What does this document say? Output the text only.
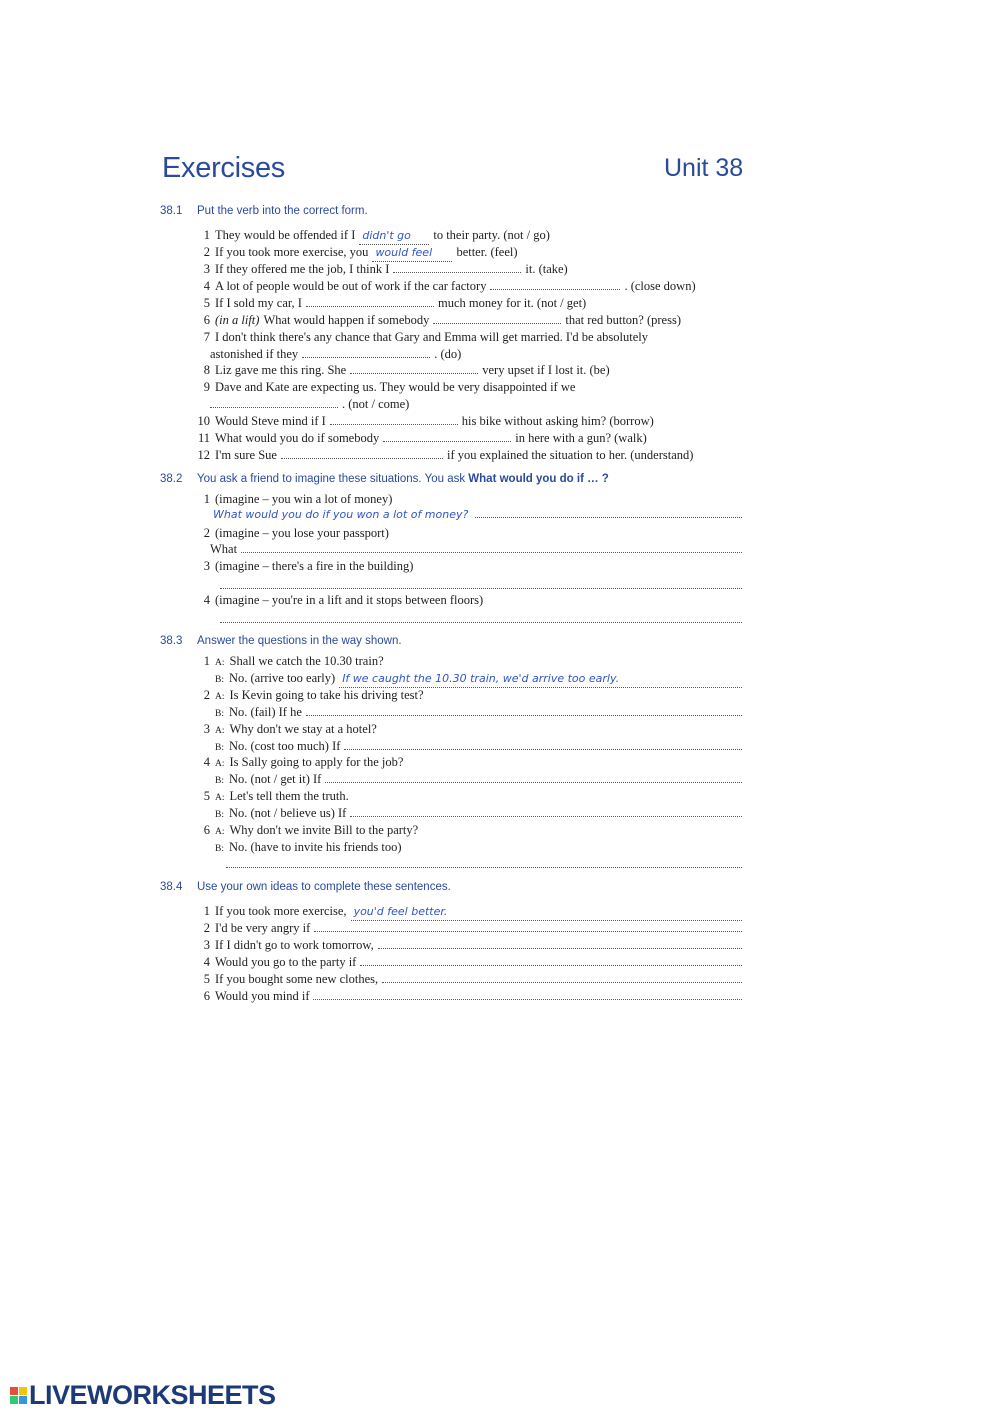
Exercises	Unit 38
38.1 Put the verb into the correct form.
1 They would be offended if I didn't go	to their party. (not / go)
2 If you took more exercise, you would feel	better. (feel)
3 If they offered me the job, I think I	it. (take)
4 A lot of people would be out of work if the car factory	. (close down)
5 If I sold my car, I	much money for it. (not / get)
6 (in a lift) What would happen if somebody	that red button? (press)
7 I don't think there's any chance that Gary and Emma will get married. I'd be absolutely
astonished if they	. (do)
8 Liz gave me this ring. She	very upset if I lost it. (be)
9 Dave and Kate are expecting us. They would be very disappointed if we
. (not / come)
10 Would Steve mind if I	his bike without asking him? (borrow)
11 What would you do if somebody	in here with a gun? (walk)
12 I'm sure Sue	if you explained the situation to her. (understand)
38.2 You ask a friend to imagine these situations. You ask What would you do if … ?
1 (imagine – you win a lot of money)
What would you do if you won a lot of money?
2 (imagine – you lose your passport)
What
3 (imagine – there's a fire in the building)
4 (imagine – you're in a lift and it stops between floors)
38.3 Answer the questions in the way shown.
1 A: Shall we catch the 10.30 train?
B: No. (arrive too early) If we caught the 10.30 train, we'd arrive too early.
2 A: Is Kevin going to take his driving test?
B: No. (fail) If he
3 A: Why don't we stay at a hotel?
B: No. (cost too much) If
4 A: Is Sally going to apply for the job?
B: No. (not / get it) If
5 A: Let's tell them the truth.
B: No. (not / believe us) If
6 A: Why don't we invite Bill to the party?
B: No. (have to invite his friends too)
38.4 Use your own ideas to complete these sentences.
1 If you took more exercise, you'd feel better.
2 I'd be very angry if
3 If I didn't go to work tomorrow,
4 Would you go to the party if
5 If you bought some new clothes,
6 Would you mind if
LIVEWORKSHEETS
